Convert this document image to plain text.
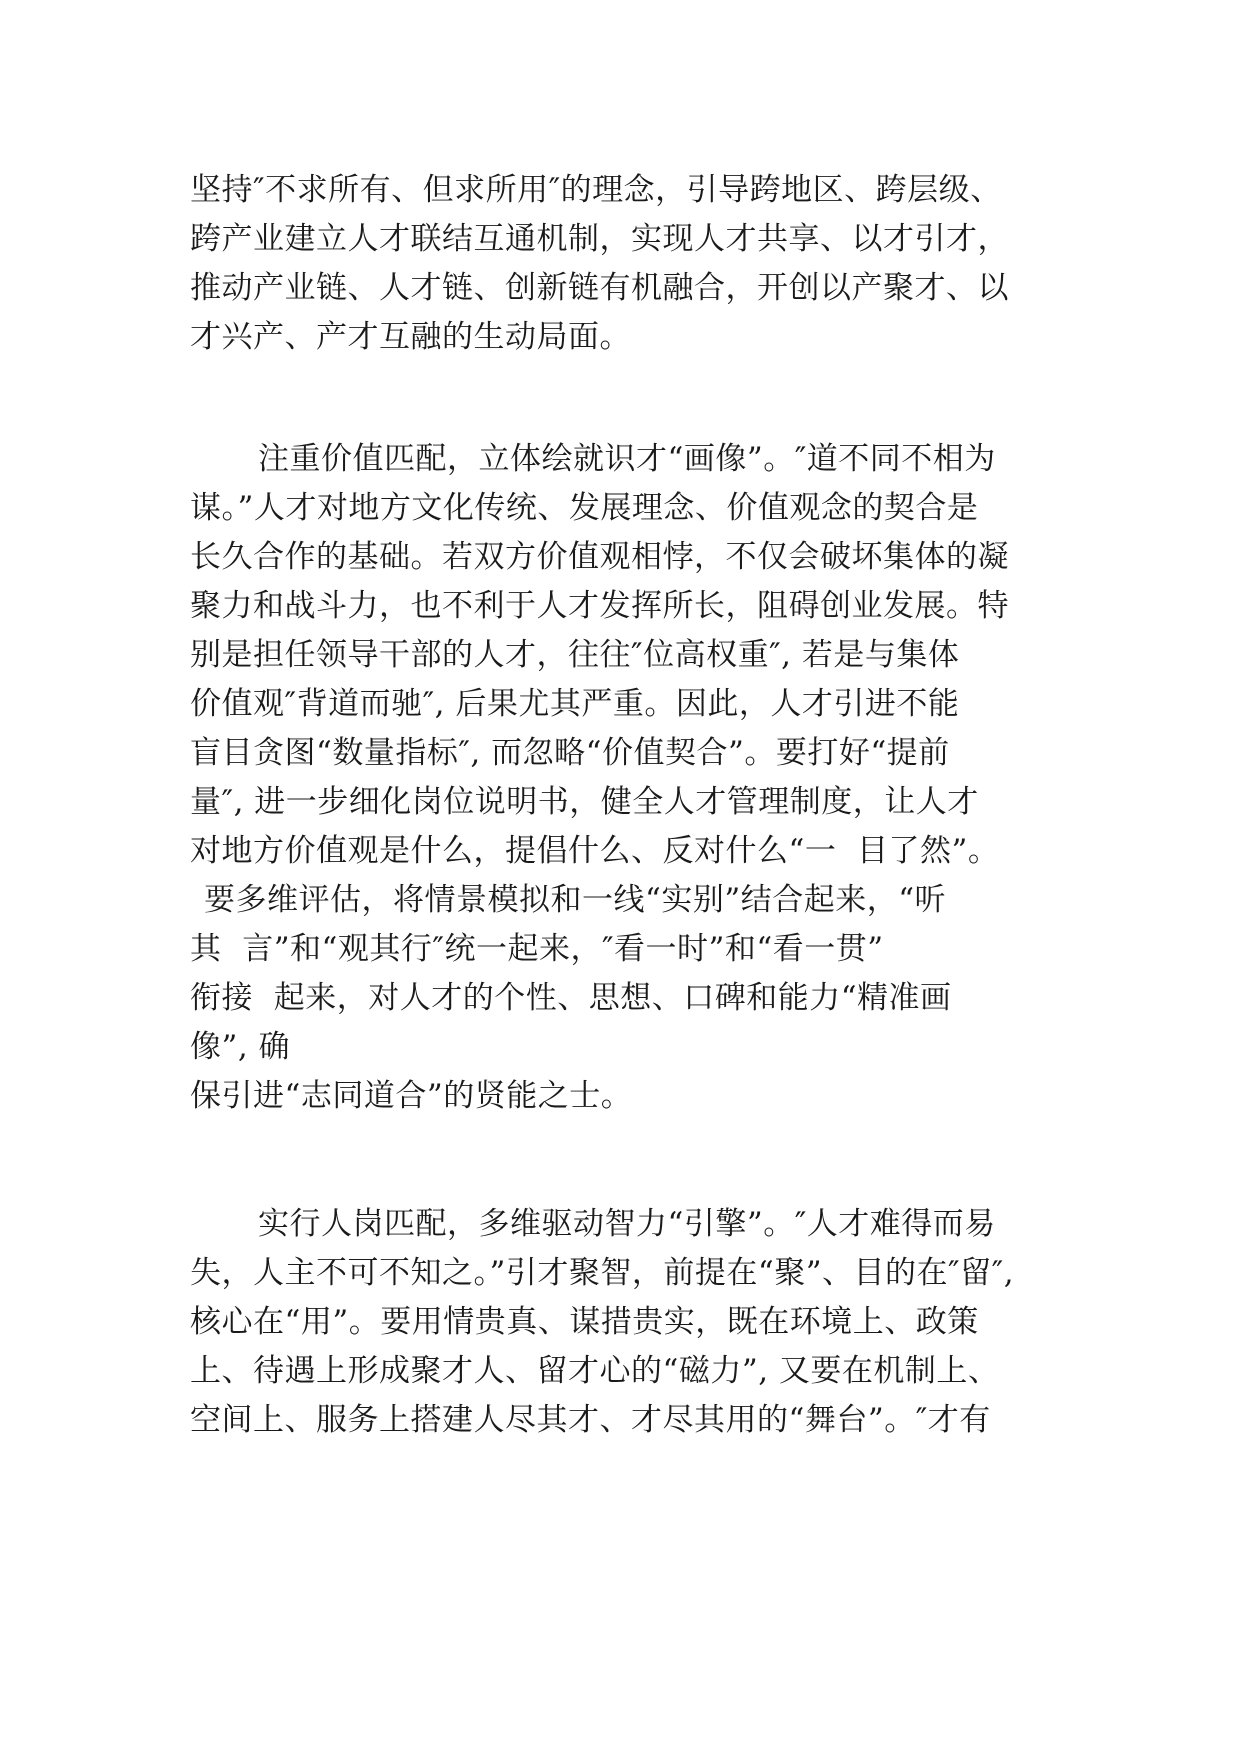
坚持″不求所有、但求所用″的理念，引导跨地区、跨层级、
跨产业建立人才联结互通机制，实现人才共享、以才引才，
推动产业链、人才链、创新链有机融合，开创以产聚才、以
才兴产、产才互融的生动局面。
注重价值匹配，立体绘就识才“画像”。″道不同不相为
谋。”人才对地方文化传统、发展理念、价值观念的契合是
长久合作的基础。若双方价值观相悖，不仅会破坏集体的凝
聚力和战斗力，也不利于人才发挥所长，阻碍创业发展。特
别是担任领导干部的人才，往往″位高权重″, 若是与集体
价值观″背道而驰″, 后果尤其严重。因此，人才引进不能
盲目贪图“数量指标″, 而忽略“价值契合”。要打好“提前
量″, 进一步细化岗位说明书，健全人才管理制度，让人才
对地方价值观是什么，提倡什么、反对什么“一  目了然”。
要多维评估，将情景模拟和一线“实别”结合起来，“听
其  言”和“观其行″统一起来，″看一时”和“看一贯”
衔接  起来，对人才的个性、思想、口碑和能力“精准画
像”, 确
保引进“志同道合”的贤能之士。
实行人岗匹配，多维驱动智力“引擎”。″人才难得而易
失，人主不可不知之。”引才聚智，前提在“聚”、目的在″留″,
核心在“用”。要用情贵真、谋措贵实，既在环境上、政策
上、待遇上形成聚才人、留才心的“磁力”, 又要在机制上、
空间上、服务上搭建人尽其才、才尽其用的“舞台”。″才有
